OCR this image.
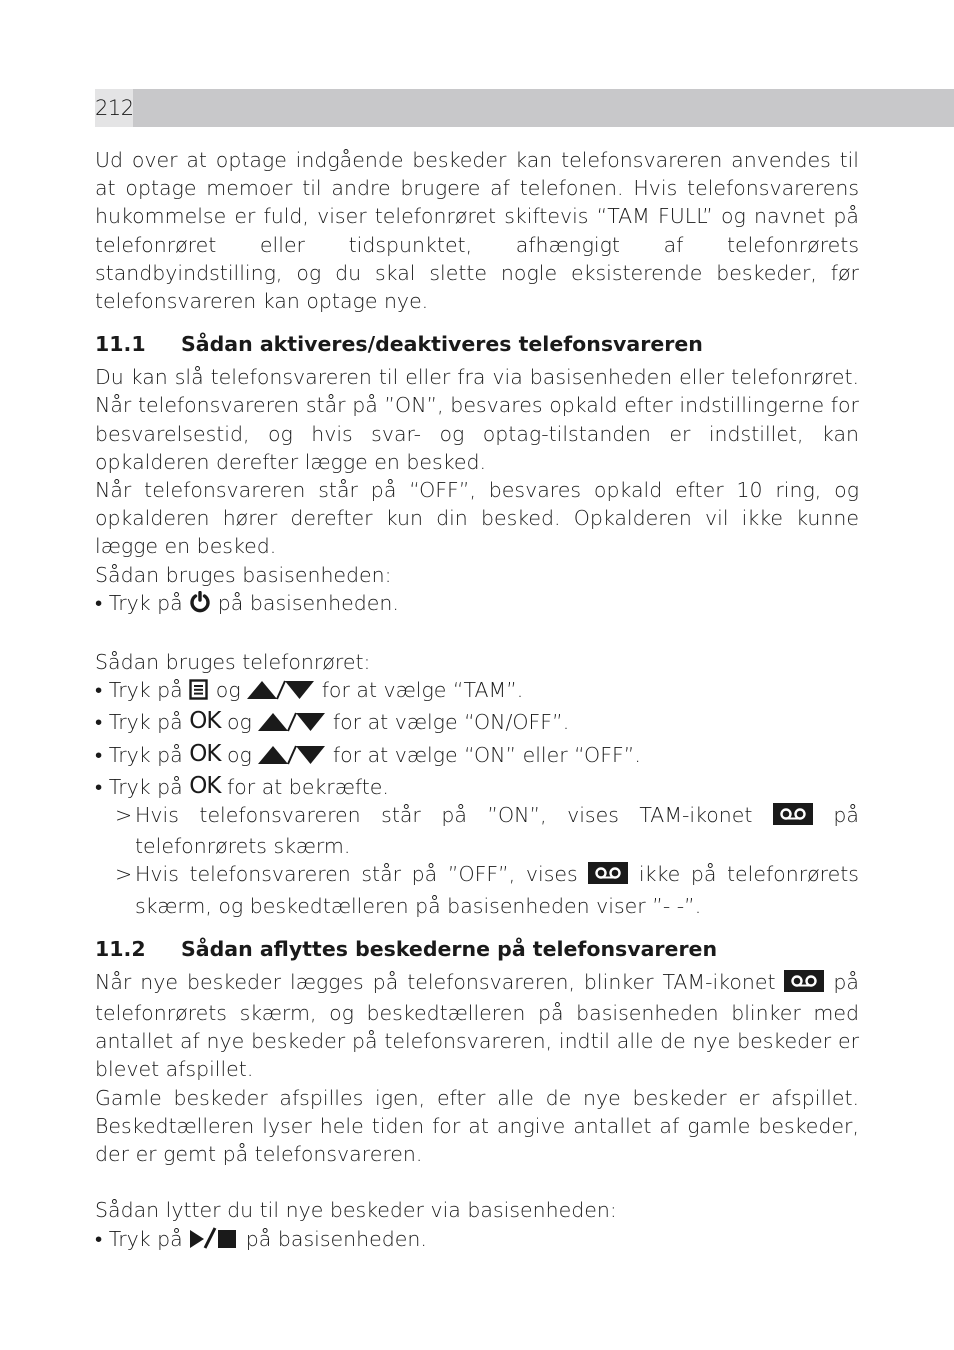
212

Ud over at optage indgående beskeder kan telefonsvareren anvendes til at optage memoer til andre brugere af telefonen. Hvis telefonsvarerens hukommelse er fuld, viser telefonrøret skiftevis “TAM FULL” og navnet på telefonrøret eller tidspunktet, afhængigt af telefonrørets standbyindstilling, og du skal slette nogle eksisterende beskeder, før telefonsvareren kan optage nye.

11.1 Sådan aktiveres/deaktiveres telefonsvareren

Du kan slå telefonsvareren til eller fra via basisenheden eller telefonrøret. Når telefonsvareren står på ”ON”, besvares opkald efter indstillingerne for besvarelsestid, og hvis svar- og optag-tilstanden er indstillet, kan opkalderen derefter lægge en besked.

Når telefonsvareren står på “OFF”, besvares opkald efter 10 ring, og opkalderen hører derefter kun din besked. Opkalderen vil ikke kunne lægge en besked.

Sådan bruges basisenheden:

• Tryk på på basisenheden.

Sådan bruges telefonrøret:

• Tryk på og	for at vælge “TAM”.

• Tryk på OK og	for at vælge “ON/OFF”.

• Tryk på OK og	for at vælge “ON” eller “OFF”.

• Tryk på OK for at bekræfte.

> Hvis telefonsvareren står på ”ON”, vises TAM-ikonet	på telefonrørets skærm.

> Hvis telefonsvareren står på ”OFF”, vises	ikke på telefonrørets skærm, og beskedtælleren på basisenheden viser ”- -”.

11.2 Sådan aflyttes beskederne på telefonsvareren

Når nye beskeder lægges på telefonsvareren, blinker TAM-ikonet	på telefonrørets skærm, og beskedtælleren på basisenheden blinker med antallet af nye beskeder på telefonsvareren, indtil alle de nye beskeder er blevet afspillet.

Gamle beskeder afspilles igen, efter alle de nye beskeder er afspillet. Beskedtælleren lyser hele tiden for at angive antallet af gamle beskeder, der er gemt på telefonsvareren.

Sådan lytter du til nye beskeder via basisenheden:

• Tryk på	på basisenheden.
